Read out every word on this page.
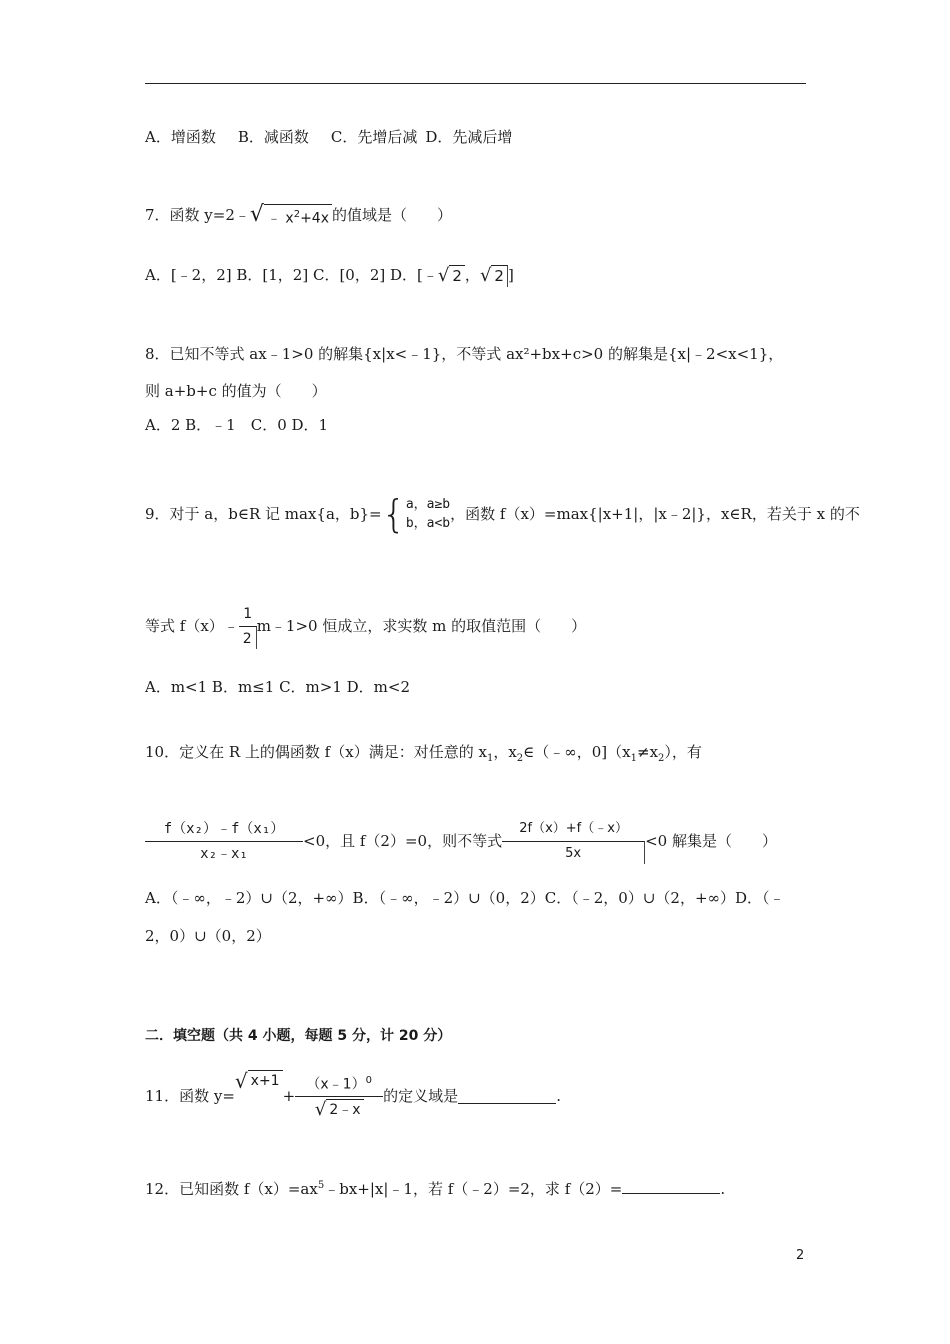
A．增函数 B．减函数 C．先增后减 D．先减后增
7．函数 y=2﹣ √ ﹣ $x^2+4x$ 的值域是（　　）
A．[﹣2，2] B．[1，2] C．[0，2] D．[﹣ √ 2 ， √ 2 ]
8．已知不等式 ax﹣1>0 的解集{x|x<﹣1}，不等式 ax²+bx+c>0 的解集是{x|﹣2<x<1}，
则 a+b+c 的值为（　　）
A．2 B．﹣1　C．0 D．1
9．对于 a，b∈R 记 max{a，b}= { a，a≥b
b，a<b
，函数 f（x）=max{|x+1|，|x﹣2|}，x∈R，若关于 x 的不
等式 f（x）﹣ $\frac{1}{2}$ m﹣1>0 恒成立，求实数 m 的取值范围（　　）
A．m<1 B．m≤1 C．m>1 D．m<2
10．定义在 R 上的偶函数 f（x）满足：对任意的 $x_1$，$x_2\in(﹣\infty$，$0](x_1\ne x_2)$，有
$\frac{\text{f（x₂）﹣f（x₁）}}{\text{x₂﹣x₁}} <0$，且 f（2）=0，则不等式 $\frac{2f(x)+f(﹣x)}{5x} <0$ 解集是（　　）
A．（﹣∞，﹣2）∪（2，+∞）B．（﹣∞，﹣2）∪（0，2）C．（﹣2，0）∪（2，+∞）D．（﹣
2，0）∪（0，2）
二．填空题（共 4 小题，每题 5 分，计 20 分）
11．函数 y=
√ x+1
+ $\frac{(x﹣1)^0}{√ 2﹣x}$ 的定义域是	.
12．已知函数 $f(x)=ax^5﹣bx+|x|﹣1$，若 f（﹣2）=2，求 f（2）=	.
2
